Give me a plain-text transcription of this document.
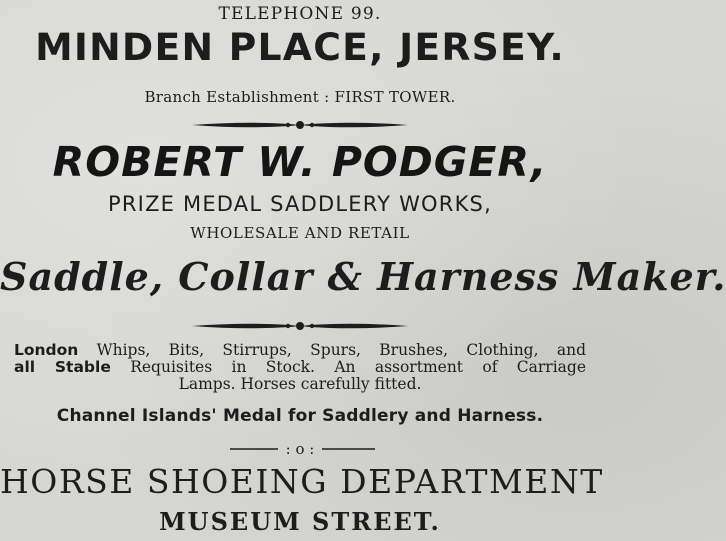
TELEPHONE 99.
MINDEN PLACE, JERSEY.
Branch Establishment : FIRST TOWER.
ROBERT W. PODGER,
PRIZE MEDAL SADDLERY WORKS,
WHOLESALE AND RETAIL
Saddle, Collar & Harness Maker.
London Whips, Bits, Stirrups, Spurs, Brushes, Clothing, and
all Stable Requisites in Stock. An assortment of Carriage
Lamps. Horses carefully fitted.
Channel Islands' Medal for Saddlery and Harness.
: o :
HORSE SHOEING DEPARTMENT
MUSEUM STREET.
